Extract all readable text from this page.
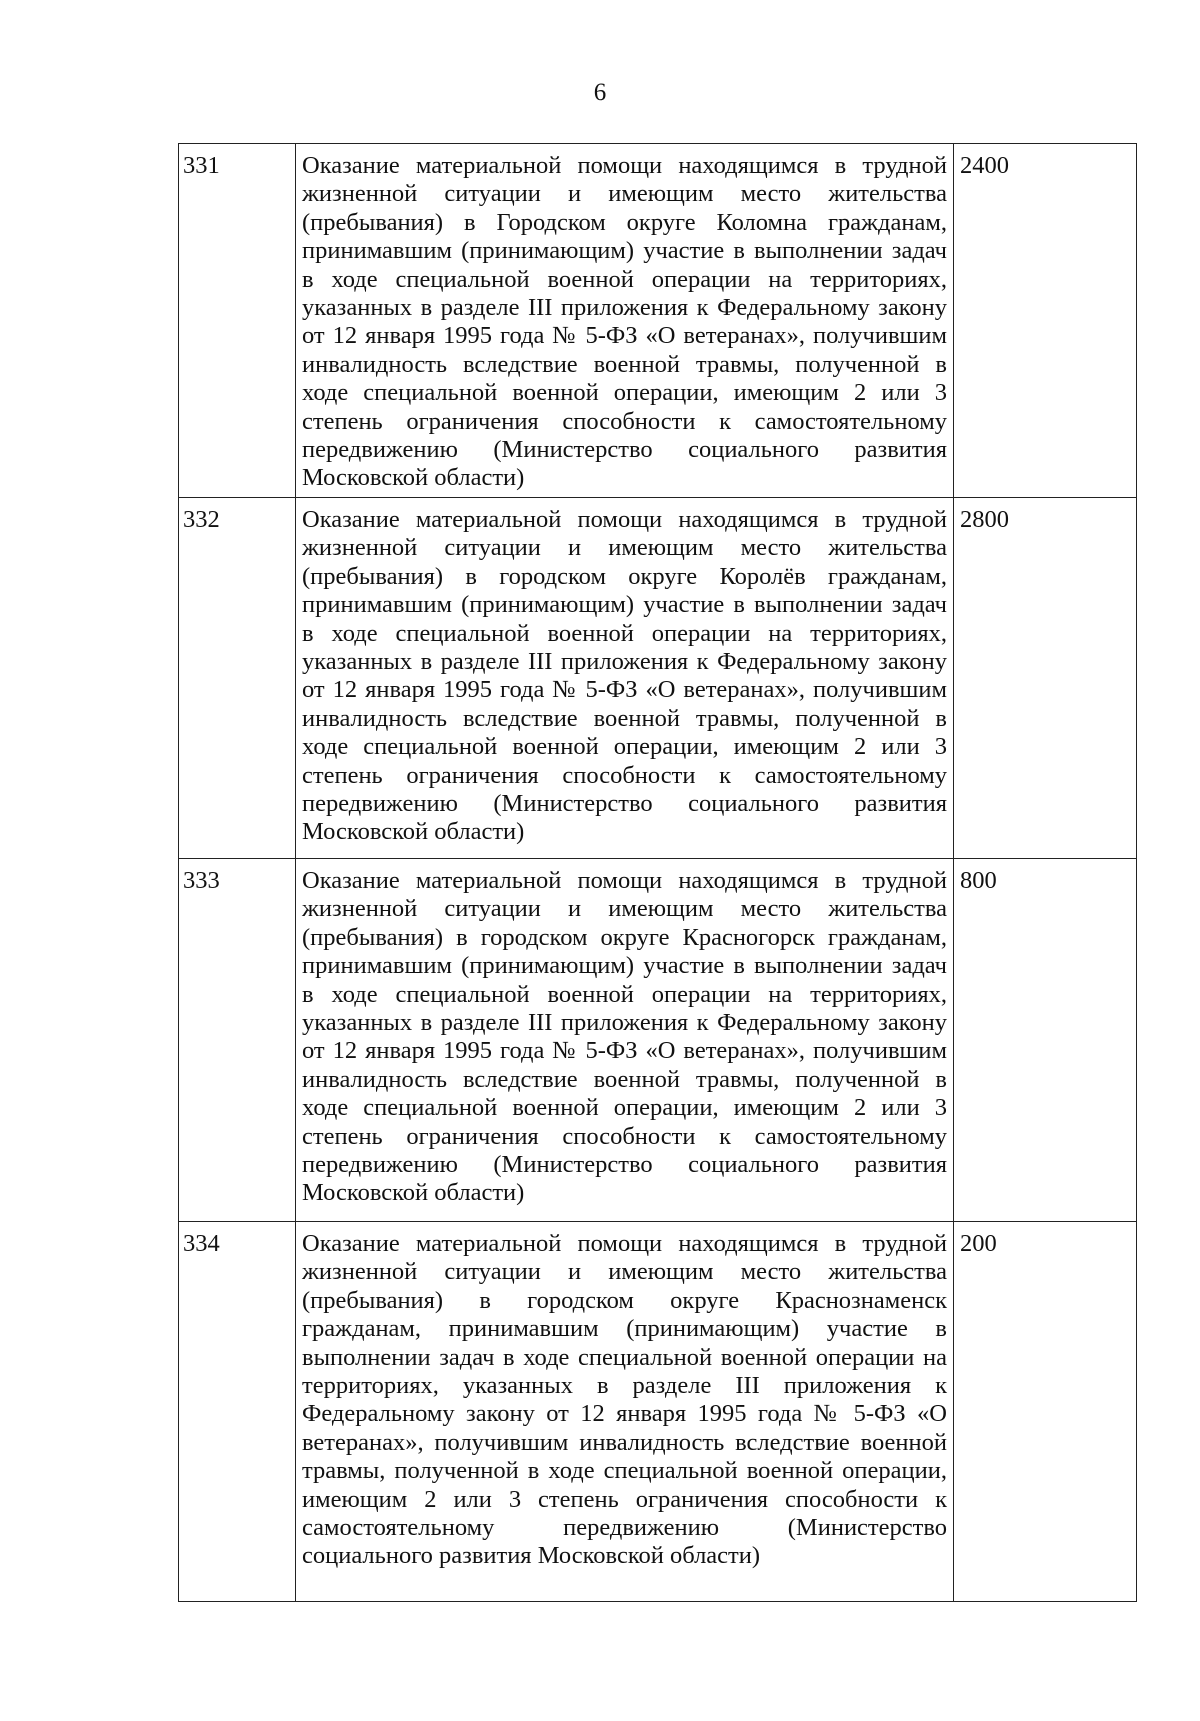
6
331	Оказание материальной помощи находящимся в трудной жизненной ситуации и имеющим место жительства (пребывания) в Городском округе Коломна гражданам, принимавшим (принимающим) участие в выполнении задач в ходе специальной военной операции на территориях, указанных в разделе III приложения к Федеральному закону от 12 января 1995 года № 5-ФЗ «О ветеранах», получившим инвалидность вследствие военной травмы, полученной в ходе специальной военной операции, имеющим 2 или 3 степень ограничения способности к самостоятельному передвижению (Министерство социального развития Московской области)	2400
332	Оказание материальной помощи находящимся в трудной жизненной ситуации и имеющим место жительства (пребывания) в городском округе Королёв гражданам, принимавшим (принимающим) участие в выполнении задач в ходе специальной военной операции на территориях, указанных в разделе III приложения к Федеральному закону от 12 января 1995 года № 5-ФЗ «О ветеранах», получившим инвалидность вследствие военной травмы, полученной в ходе специальной военной операции, имеющим 2 или 3 степень ограничения способности к самостоятельному передвижению (Министерство социального развития Московской области)	2800
333	Оказание материальной помощи находящимся в трудной жизненной ситуации и имеющим место жительства (пребывания) в городском округе Красногорск гражданам, принимавшим (принимающим) участие в выполнении задач в ходе специальной военной операции на территориях, указанных в разделе III приложения к Федеральному закону от 12 января 1995 года № 5-ФЗ «О ветеранах», получившим инвалидность вследствие военной травмы, полученной в ходе специальной военной операции, имеющим 2 или 3 степень ограничения способности к самостоятельному передвижению (Министерство социального развития Московской области)	800
334	Оказание материальной помощи находящимся в трудной жизненной ситуации и имеющим место жительства (пребывания) в городском округе Краснознаменск гражданам, принимавшим (принимающим) участие в выполнении задач в ходе специальной военной операции на территориях, указанных в разделе III приложения к Федеральному закону от 12 января 1995 года № 5-ФЗ «О ветеранах», получившим инвалидность вследствие военной травмы, полученной в ходе специальной военной операции, имеющим 2 или 3 степень ограничения способности к самостоятельному передвижению (Министерство социального развития Московской области)	200
